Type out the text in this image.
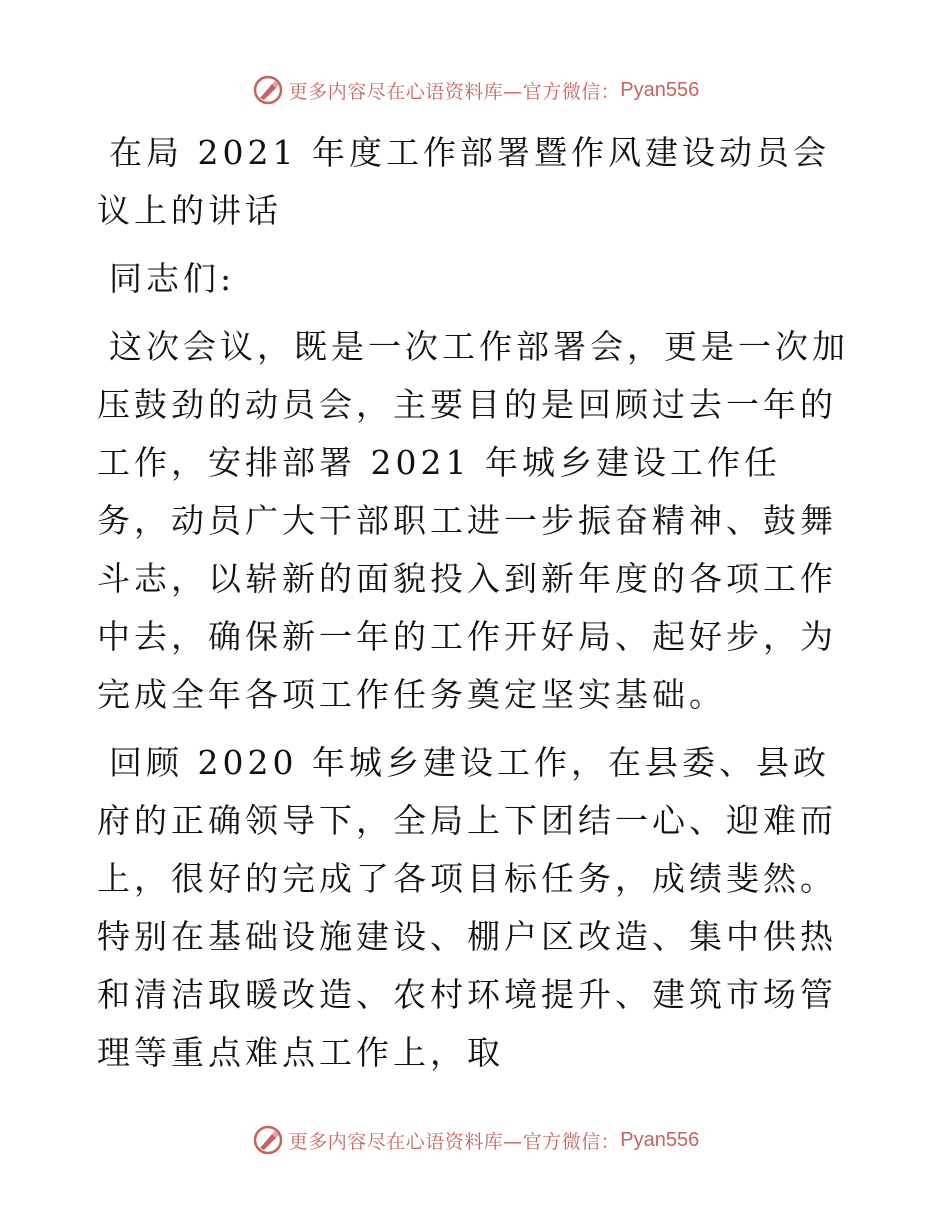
更多内容尽在心语资料库—官方微信： Pyan556

在局 2021 年度工作部署暨作风建设动员会议上的讲话

同志们:

这次会议，既是一次工作部署会，更是一次加压鼓劲的动员会，主要目的是回顾过去一年的工作，安排部署 2021 年城乡建设工作任务，动员广大干部职工进一步振奋精神、鼓舞斗志，以崭新的面貌投入到新年度的各项工作中去，确保新一年的工作开好局、起好步，为完成全年各项工作任务奠定坚实基础。

回顾 2020 年城乡建设工作，在县委、县政府的正确领导下，全局上下团结一心、迎难而上，很好的完成了各项目标任务，成绩斐然。特别在基础设施建设、棚户区改造、集中供热和清洁取暖改造、农村环境提升、建筑市场管理等重点难点工作上，取

更多内容尽在心语资料库—官方微信： Pyan556
